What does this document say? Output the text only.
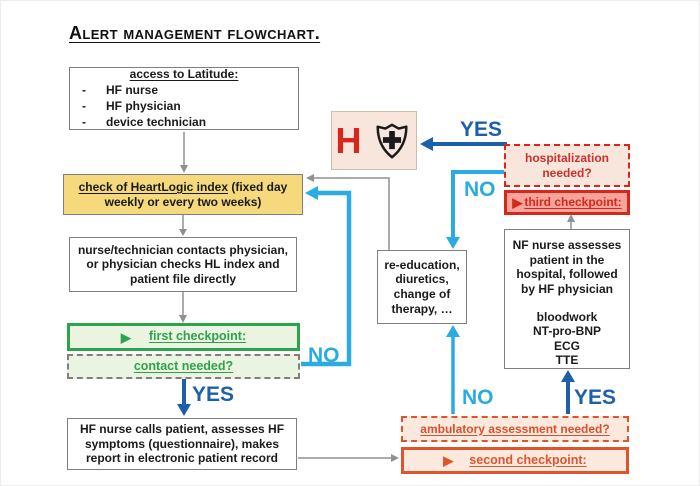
Alert management flowchart.
access to Latitude:
-	HF nurse
-	HF physician
-	device technician
check of HeartLogic index (fixed day weekly or every two weeks)
nurse/technician contacts physician, or physician checks HL index and patient file directly
▶ first checkpoint:
contact needed?
HF nurse calls patient, assesses HF symptoms (questionnaire), makes report in electronic patient record
H	hospitalization needed?
▶ third checkpoint:
NF nurse assesses patient in the hospital, followed by HF physician
bloodwork
NT-pro-BNP
ECG
TTE
re-education, diuretics, change of therapy, …
ambulatory assessment needed?
▶ second checkpoint:
YES
NO
YES
NO
NO	YES
